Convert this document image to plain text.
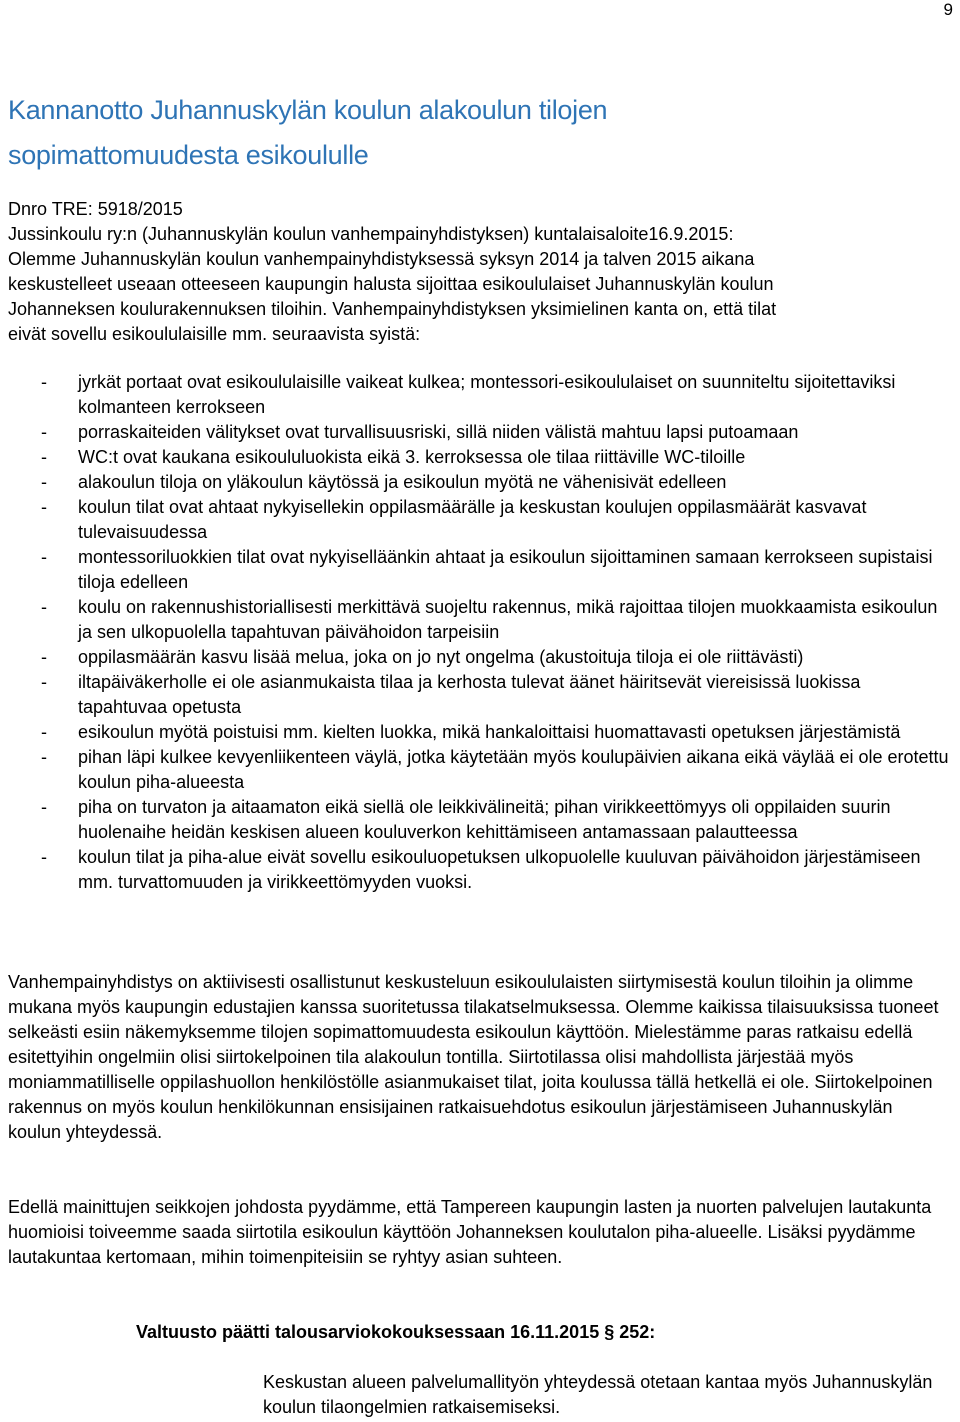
9
Kannanotto Juhannuskylän koulun alakoulun tilojen
sopimattomuudesta esikoululle
Dnro TRE: 5918/2015
Jussinkoulu ry:n (Juhannuskylän koulun vanhempainyhdistyksen) kuntalaisaloite16.9.2015:
Olemme Juhannuskylän koulun vanhempainyhdistyksessä syksyn 2014 ja talven 2015 aikana
keskustelleet useaan otteeseen kaupungin halusta sijoittaa esikoululaiset Juhannuskylän koulun
Johanneksen koulurakennuksen tiloihin. Vanhempainyhdistyksen yksimielinen kanta on, että tilat
eivät sovellu esikoululaisille mm. seuraavista syistä:
- jyrkät portaat ovat esikoululaisille vaikeat kulkea; montessori-esikoululaiset on suunniteltu sijoitettaviksi kolmanteen kerrokseen
- porraskaiteiden välitykset ovat turvallisuusriski, sillä niiden välistä mahtuu lapsi putoamaan
- WC:t ovat kaukana esikoululuokista eikä 3. kerroksessa ole tilaa riittäville WC-tiloille
- alakoulun tiloja on yläkoulun käytössä ja esikoulun myötä ne vähenisivät edelleen
- koulun tilat ovat ahtaat nykyisellekin oppilasmäärälle ja keskustan koulujen oppilasmäärät kasvavat tulevaisuudessa
- montessoriluokkien tilat ovat nykyiselläänkin ahtaat ja esikoulun sijoittaminen samaan kerrokseen supistaisi tiloja edelleen
- koulu on rakennushistoriallisesti merkittävä suojeltu rakennus, mikä rajoittaa tilojen muokkaamista esikoulun ja sen ulkopuolella tapahtuvan päivähoidon tarpeisiin
- oppilasmäärän kasvu lisää melua, joka on jo nyt ongelma (akustoituja tiloja ei ole riittävästi)
- iltapäiväkerholle ei ole asianmukaista tilaa ja kerhosta tulevat äänet häiritsevät viereisissä luokissa tapahtuvaa opetusta
- esikoulun myötä poistuisi mm. kielten luokka, mikä hankaloittaisi huomattavasti opetuksen järjestämistä
- pihan läpi kulkee kevyenliikenteen väylä, jotka käytetään myös koulupäivien aikana eikä väylää ei ole erotettu koulun piha-alueesta
- piha on turvaton ja aitaamaton eikä siellä ole leikkivälineitä; pihan virikkeettömyys oli oppilaiden suurin huolenaihe heidän keskisen alueen kouluverkon kehittämiseen antamassaan palautteessa
- koulun tilat ja piha-alue eivät sovellu esikouluopetuksen ulkopuolelle kuuluvan päivähoidon järjestämiseen mm. turvattomuuden ja virikkeettömyyden vuoksi.

Vanhempainyhdistys on aktiivisesti osallistunut keskusteluun esikoululaisten siirtymisestä koulun tiloihin ja olimme mukana myös kaupungin edustajien kanssa suoritetussa tilakatselmuksessa. Olemme kaikissa tilaisuuksissa tuoneet selkeästi esiin näkemyksemme tilojen sopimattomuudesta esikoulun käyttöön. Mielestämme paras ratkaisu edellä esitettyihin ongelmiin olisi siirtokelpoinen tila alakoulun tontilla. Siirtotilassa olisi mahdollista järjestää myös moniammatilliselle oppilashuollon henkilöstölle asianmukaiset tilat, joita koulussa tällä hetkellä ei ole. Siirtokelpoinen rakennus on myös koulun henkilökunnan ensisijainen ratkaisuehdotus esikoulun järjestämiseen Juhannuskylän koulun yhteydessä.

Edellä mainittujen seikkojen johdosta pyydämme, että Tampereen kaupungin lasten ja nuorten palvelujen lautakunta huomioisi toiveemme saada siirtotila esikoulun käyttöön Johanneksen koulutalon piha-alueelle. Lisäksi pyydämme lautakuntaa kertomaan, mihin toimenpiteisiin se ryhtyy asian suhteen.

Valtuusto päätti talousarviokokouksessaan 16.11.2015 § 252:
Keskustan alueen palvelumallityön yhteydessä otetaan kantaa myös Juhannuskylän koulun tilaongelmien ratkaisemiseksi.
